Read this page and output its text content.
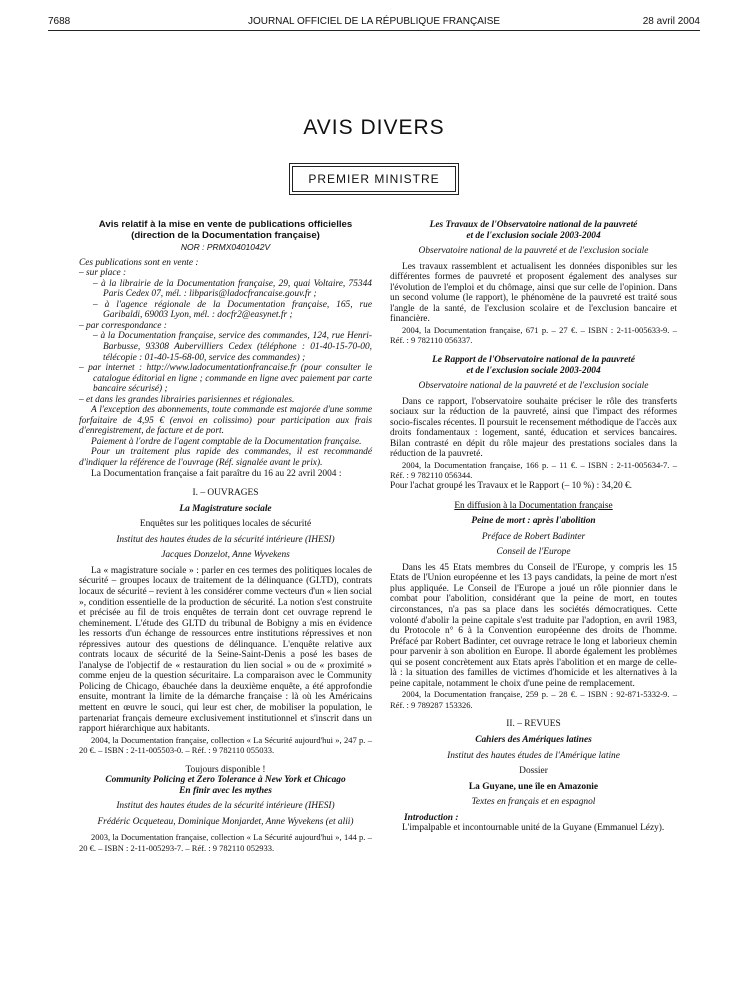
7688	JOURNAL OFFICIEL DE LA RÉPUBLIQUE FRANÇAISE	28 avril 2004
AVIS DIVERS
PREMIER MINISTRE

Avis relatif à la mise en vente de publications officielles
(direction de la Documentation française)

NOR : PRMX0401042V

Ces publications sont en vente :

– sur place :

– à la librairie de la Documentation française, 29, quai Voltaire, 75344 Paris Cedex 07, mél. : libparis@ladocfrancaise.gouv.fr ;

– à l'agence régionale de la Documentation française, 165, rue Garibaldi, 69003 Lyon, mél. : docfr2@easynet.fr ;

– par correspondance :

– à la Documentation française, service des commandes, 124, rue Henri-Barbusse, 93308 Aubervilliers Cedex (téléphone : 01-40-15-70-00, télécopie : 01-40-15-68-00, service des commandes) ;

– par internet : http://www.ladocumentationfrancaise.fr (pour consulter le catalogue éditorial en ligne ; commande en ligne avec paiement par carte bancaire sécurisé) ;

– et dans les grandes librairies parisiennes et régionales.

A l'exception des abonnements, toute commande est majorée d'une somme forfaitaire de 4,95 € (envoi en colissimo) pour participation aux frais d'enregistrement, de facture et de port.

Paiement à l'ordre de l'agent comptable de la Documentation française.

Pour un traitement plus rapide des commandes, il est recommandé d'indiquer la référence de l'ouvrage (Réf. signalée avant le prix).

La Documentation française a fait paraître du 16 au 22 avril 2004 :

I. – OUVRAGES

La Magistrature sociale

Enquêtes sur les politiques locales de sécurité

Institut des hautes études de la sécurité intérieure (IHESI)

Jacques Donzelot, Anne Wyvekens

La « magistrature sociale » : parler en ces termes des politiques locales de sécurité – groupes locaux de traitement de la délinquance (GLTD), contrats locaux de sécurité – revient à les considérer comme vecteurs d'un « lien social », condition essentielle de la production de sécurité. La notion s'est construite et précisée au fil de trois enquêtes de terrain dont cet ouvrage reprend le cheminement. L'étude des GLTD du tribunal de Bobigny a mis en évidence les ressorts d'un échange de ressources entre institutions répressives et non répressives autour des questions de délinquance. L'enquête relative aux contrats locaux de sécurité de la Seine-Saint-Denis a posé les bases de l'analyse de l'objectif de « restauration du lien social » ou de « proximité » comme enjeu de la question sécuritaire. La comparaison avec le Community Policing de Chicago, ébauchée dans la deuxième enquête, a été approfondie ensuite, montrant la limite de la démarche française : là où les Américains mettent en œuvre le souci, qui leur est cher, de mobiliser la population, le partenariat français demeure exclusivement institutionnel et s'inscrit dans un rapport hiérarchique aux habitants.

2004, la Documentation française, collection « La Sécurité aujourd'hui », 247 p. – 20 €. – ISBN : 2-11-005503-0. – Réf. : 9 782110 055033.

Toujours disponible !

Community Policing et Zero Tolerance à New York et Chicago
En finir avec les mythes

Institut des hautes études de la sécurité intérieure (IHESI)

Frédéric Ocqueteau, Dominique Monjardet, Anne Wyvekens (et alii)

2003, la Documentation française, collection « La Sécurité aujourd'hui », 144 p. – 20 €. – ISBN : 2-11-005293-7. – Réf. : 9 782110 052933.

Les Travaux de l'Observatoire national de la pauvreté
et de l'exclusion sociale 2003-2004

Observatoire national de la pauvreté et de l'exclusion sociale

Les travaux rassemblent et actualisent les données disponibles sur les différentes formes de pauvreté et proposent également des analyses sur l'évolution de l'emploi et du chômage, ainsi que sur celle de l'opinion. Dans un second volume (le rapport), le phénomène de la pauvreté est traité sous l'angle de la santé, de l'exclusion scolaire et de l'exclusion bancaire et financière.

2004, la Documentation française, 671 p. – 27 €. – ISBN : 2-11-005633-9. – Réf. : 9 782110 056337.

Le Rapport de l'Observatoire national de la pauvreté
et de l'exclusion sociale 2003-2004

Observatoire national de la pauvreté et de l'exclusion sociale

Dans ce rapport, l'observatoire souhaite préciser le rôle des transferts sociaux sur la réduction de la pauvreté, ainsi que l'impact des réformes socio-fiscales récentes. Il poursuit le recensement méthodique de l'accès aux droits fondamentaux : logement, santé, éducation et services bancaires. Bilan contrasté en dépit du rôle majeur des prestations sociales dans la réduction de la pauvreté.

2004, la Documentation française, 166 p. – 11 €. – ISBN : 2-11-005634-7. – Réf. : 9 782110 056344.

Pour l'achat groupé les Travaux et le Rapport (– 10 %) : 34,20 €.

En diffusion à la Documentation française

Peine de mort : après l'abolition

Préface de Robert Badinter

Conseil de l'Europe

Dans les 45 Etats membres du Conseil de l'Europe, y compris les 15 Etats de l'Union européenne et les 13 pays candidats, la peine de mort n'est plus appliquée. Le Conseil de l'Europe a joué un rôle pionnier dans le combat pour l'abolition, considérant que la peine de mort, en toutes circonstances, n'a pas sa place dans les sociétés démocratiques. Cette volonté d'abolir la peine capitale s'est traduite par l'adoption, en avril 1983, du Protocole n° 6 à la Convention européenne des droits de l'homme. Préfacé par Robert Badinter, cet ouvrage retrace le long et laborieux chemin pour parvenir à son abolition en Europe. Il aborde également les problèmes qui se posent concrètement aux Etats après l'abolition et en marge de celle-là : la situation des familles de victimes d'homicide et les alternatives à la peine capitale, notamment le choix d'une peine de remplacement.

2004, la Documentation française, 259 p. – 28 €. – ISBN : 92-871-5332-9. – Réf. : 9 789287 153326.

II. – REVUES

Cahiers des Amériques latines

Institut des hautes études de l'Amérique latine

Dossier

La Guyane, une île en Amazonie

Textes en français et en espagnol

Introduction :

L'impalpable et incontournable unité de la Guyane (Emmanuel Lézy).
